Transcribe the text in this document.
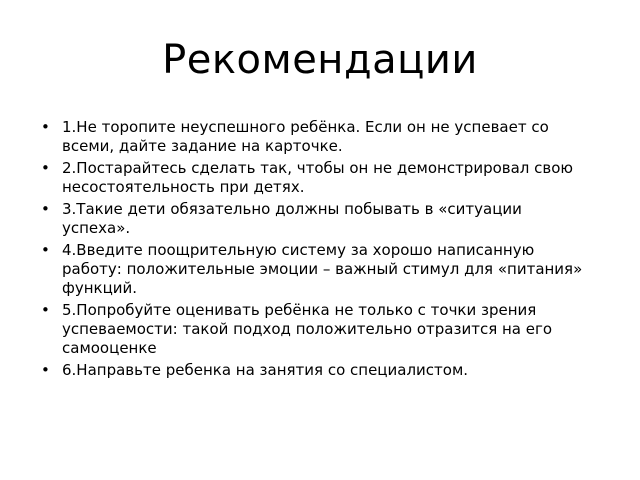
Рекомендации
• 1.Не торопите неуспешного ребёнка. Если он не успевает со всеми, дайте задание на карточке.
• 2.Постарайтесь сделать так, чтобы он не демонстрировал свою несостоятельность при детях.
• 3.Такие дети обязательно должны побывать в «ситуации успеха».
• 4.Введите поощрительную систему за хорошо написанную работу: положительные эмоции – важный стимул для «питания» функций.
• 5.Попробуйте оценивать ребёнка не только с точки зрения успеваемости: такой подход положительно отразится на его самооценке
• 6.Направьте ребенка на занятия со специалистом.
